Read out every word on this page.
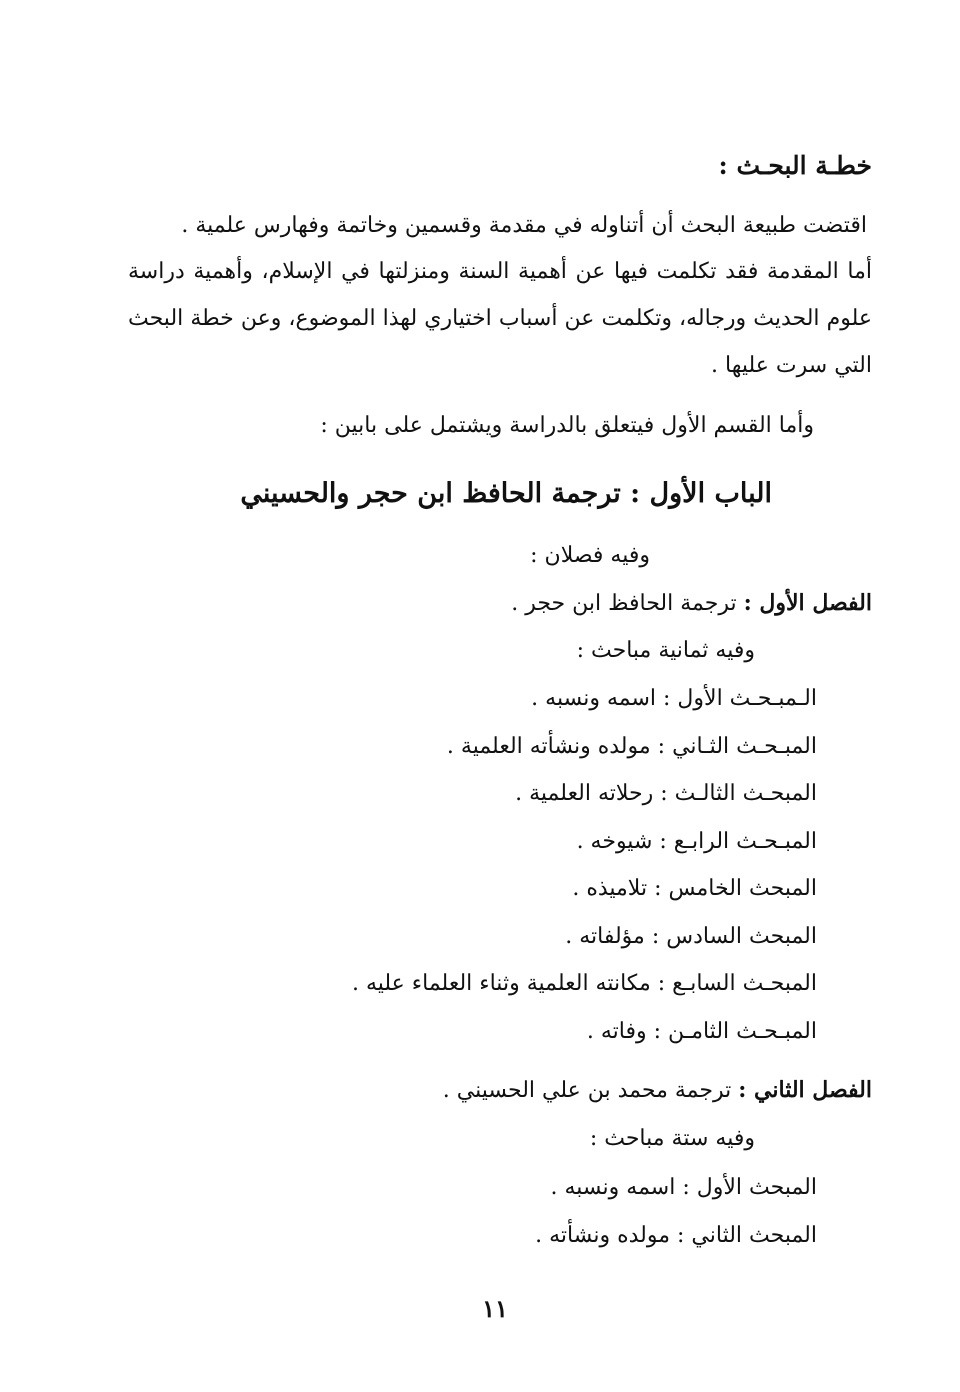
خطـة البحـث :
اقتضت طبيعة البحث أن أتناوله في مقدمة وقسمين وخاتمة وفهارس علمية .
أما المقدمة فقد تكلمت فيها عن أهمية السنة ومنزلتها في الإسلام، وأهمية دراسة علوم الحديث ورجاله، وتكلمت عن أسباب اختياري لهذا الموضوع، وعن خطة البحث التي سرت عليها .
وأما القسم الأول فيتعلق بالدراسة ويشتمل على بابين :
الباب الأول : ترجمة الحافظ ابن حجر والحسيني
وفيه فصلان :
الفصل الأول : ترجمة الحافظ ابن حجر .
وفيه ثمانية مباحث :
الـمبـحـث الأول : اسمه ونسبه .
المبـحـث الثـاني : مولده ونشأته العلمية .
المبحـث الثالـث : رحلاته العلمية .
المبـحـث الرابـع : شيوخه .
المبحث الخامس : تلاميذه .
المبحث السادس : مؤلفاته .
المبحـث السابـع : مكانته العلمية وثناء العلماء عليه .
المبـحـث الثامـن : وفاته .
الفصل الثاني : ترجمة محمد بن علي الحسيني .
وفيه ستة مباحث :
المبحث الأول : اسمه ونسبه .
المبحث الثاني : مولده ونشأته .
١١
